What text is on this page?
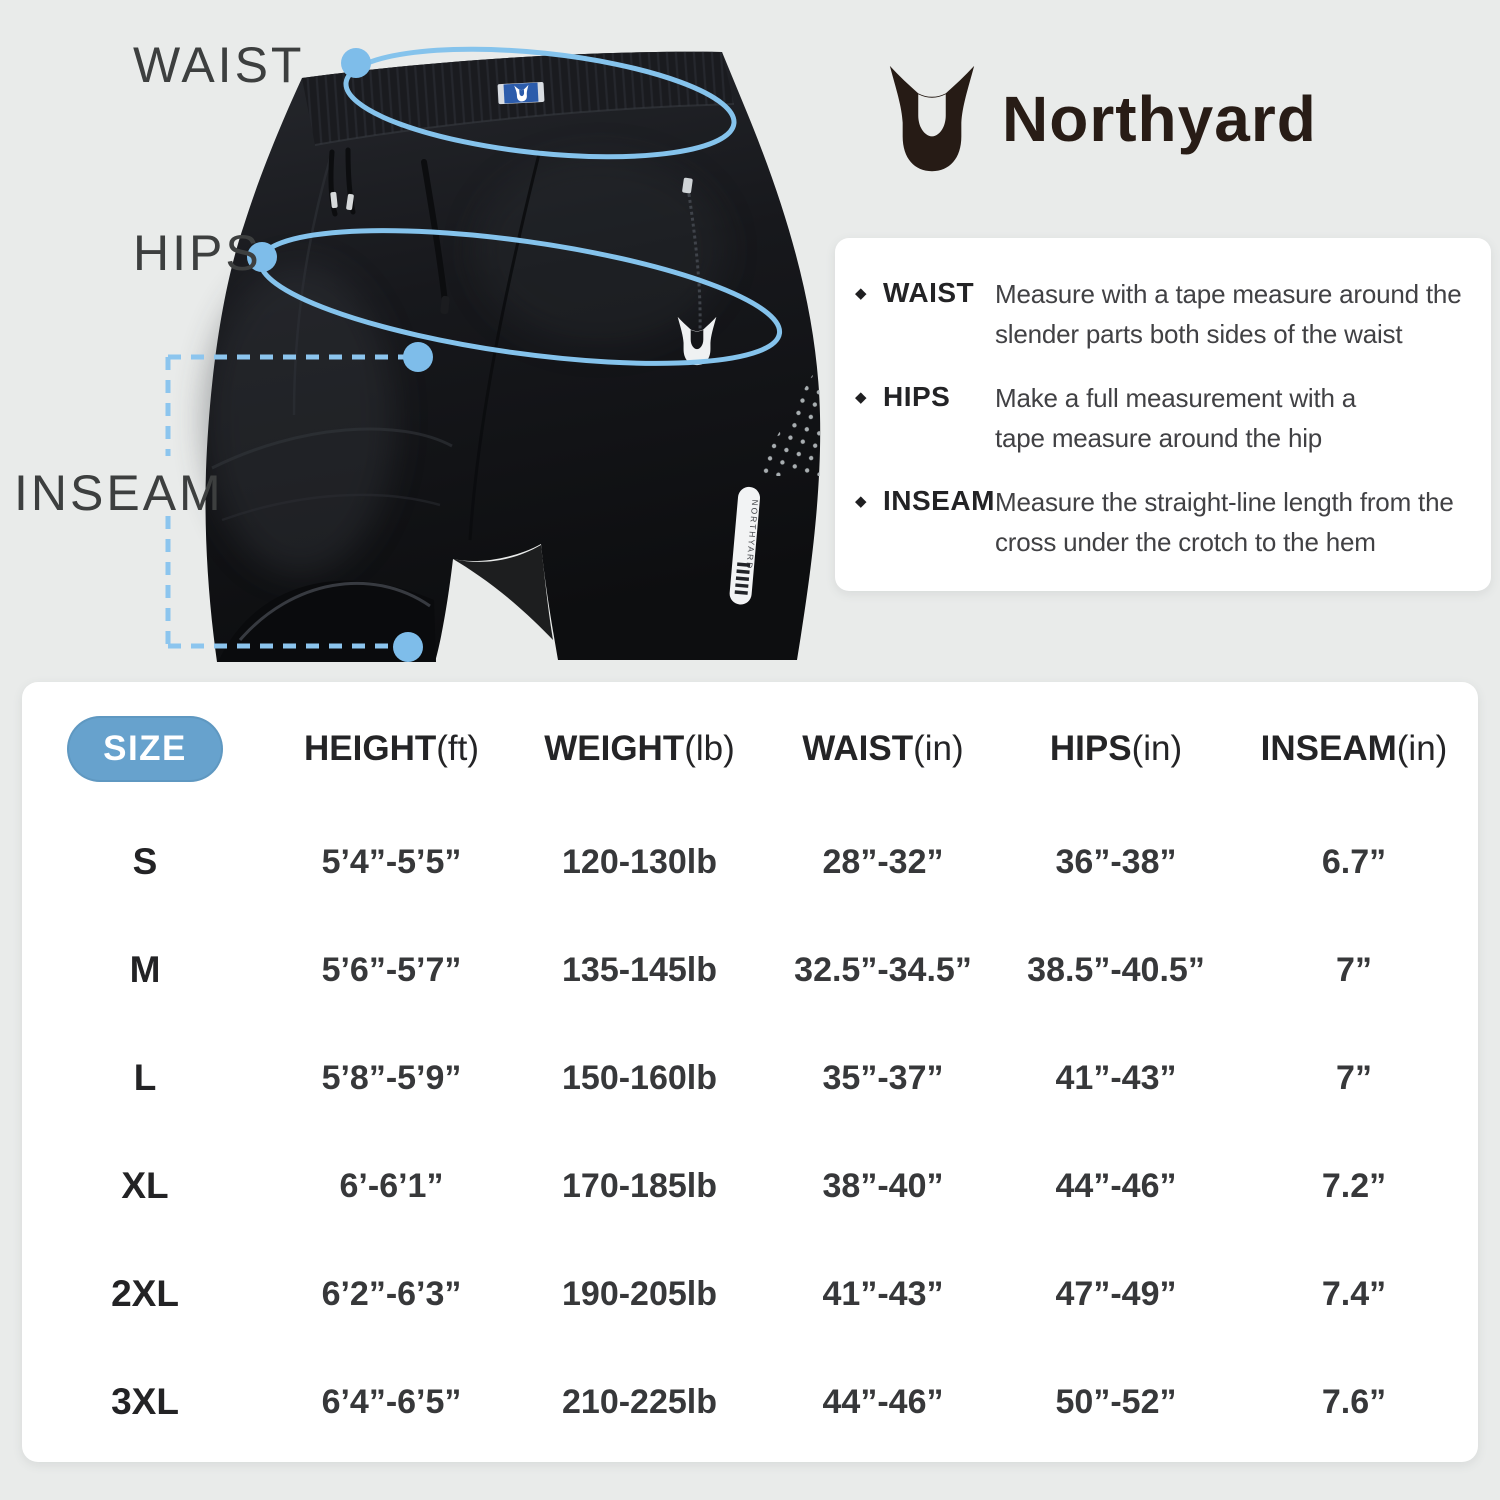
NORTHYARD
WAIST
HIPS
INSEAM
Northyard
◆ WAIST Measure with a tape measure around the
slender parts both sides of the waist
◆ HIPS	Make a full measurement with a
tape measure around the hip
◆ INSEAM Measure the straight-line length from the
cross under the crotch to the hem
SIZE	HEIGHT(ft) WEIGHT(lb) WAIST(in) HIPS(in) INSEAM(in)
S	5’4”-5’5”	120-130lb	28”-32”	36”-38”	6.7”
M	5’6”-5’7”	135-145lb 32.5”-34.5” 38.5”-40.5”	7”
L	5’8”-5’9”	150-160lb	35”-37”	41”-43”	7”
XL	6’-6’1”	170-185lb	38”-40”	44”-46”	7.2”
2XL	6’2”-6’3”	190-205lb	41”-43”	47”-49”	7.4”
3XL	6’4”-6’5”	210-225lb	44”-46”	50”-52”	7.6”
